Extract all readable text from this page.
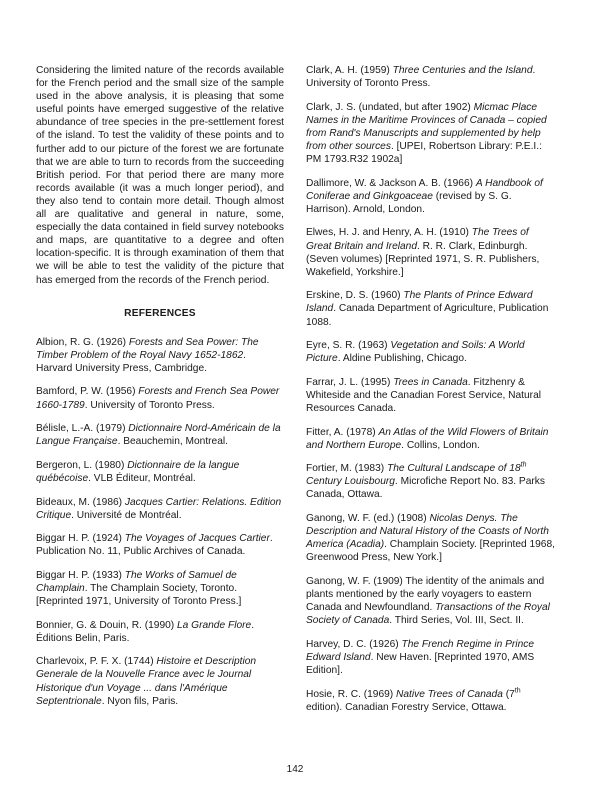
Considering the limited nature of the records available for the French period and the small size of the sample used in the above analysis, it is pleasing that some useful points have emerged suggestive of the relative abundance of tree species in the pre-settlement forest of the island. To test the validity of these points and to further add to our picture of the forest we are fortunate that we are able to turn to records from the succeeding British period. For that period there are many more records available (it was a much longer period), and they also tend to contain more detail. Though almost all are qualitative and general in nature, some, especially the data contained in field survey notebooks and maps, are quantitative to a degree and often location-specific. It is through examination of them that we will be able to test the validity of the picture that has emerged from the records of the French period.

REFERENCES

Albion, R. G. (1926) Forests and Sea Power: The Timber Problem of the Royal Navy 1652-1862. Harvard University Press, Cambridge.

Bamford, P. W. (1956) Forests and French Sea Power 1660-1789. University of Toronto Press.

Bélisle, L.-A. (1979) Dictionnaire Nord-Américain de la Langue Française. Beauchemin, Montreal.

Bergeron, L. (1980) Dictionnaire de la langue québécoise. VLB Éditeur, Montréal.

Bideaux, M. (1986) Jacques Cartier: Relations. Edition Critique. Université de Montréal.

Biggar H. P. (1924) The Voyages of Jacques Cartier. Publication No. 11, Public Archives of Canada.

Biggar H. P. (1933) The Works of Samuel de Champlain. The Champlain Society, Toronto. [Reprinted 1971, University of Toronto Press.]

Bonnier, G. & Douin, R. (1990) La Grande Flore. Éditions Belin, Paris.

Charlevoix, P. F. X. (1744) Histoire et Description Generale de la Nouvelle France avec le Journal Historique d'un Voyage ... dans l'Amérique Septentrionale. Nyon fils, Paris.

Clark, A. H. (1959) Three Centuries and the Island. University of Toronto Press.

Clark, J. S. (undated, but after 1902) Micmac Place Names in the Maritime Provinces of Canada – copied from Rand's Manuscripts and supplemented by help from other sources. [UPEI, Robertson Library: P.E.I.: PM 1793.R32 1902a]

Dallimore, W. & Jackson A. B. (1966) A Handbook of Coniferae and Ginkgoaceae (revised by S. G. Harrison). Arnold, London.

Elwes, H. J. and Henry, A. H. (1910) The Trees of Great Britain and Ireland. R. R. Clark, Edinburgh. (Seven volumes) [Reprinted 1971, S. R. Publishers, Wakefield, Yorkshire.]

Erskine, D. S. (1960) The Plants of Prince Edward Island. Canada Department of Agriculture, Publication 1088.

Eyre, S. R. (1963) Vegetation and Soils: A World Picture. Aldine Publishing, Chicago.

Farrar, J. L. (1995) Trees in Canada. Fitzhenry & Whiteside and the Canadian Forest Service, Natural Resources Canada.

Fitter, A. (1978) An Atlas of the Wild Flowers of Britain and Northern Europe. Collins, London.

Fortier, M. (1983) The Cultural Landscape of 18th Century Louisbourg. Microfiche Report No. 83. Parks Canada, Ottawa.

Ganong, W. F. (ed.) (1908) Nicolas Denys. The Description and Natural History of the Coasts of North America (Acadia). Champlain Society. [Reprinted 1968, Greenwood Press, New York.]

Ganong, W. F. (1909) The identity of the animals and plants mentioned by the early voyagers to eastern Canada and Newfoundland. Transactions of the Royal Society of Canada. Third Series, Vol. III, Sect. II.

Harvey, D. C. (1926) The French Regime in Prince Edward Island. New Haven. [Reprinted 1970, AMS Edition].

Hosie, R. C. (1969) Native Trees of Canada (7th edition). Canadian Forestry Service, Ottawa.

142
